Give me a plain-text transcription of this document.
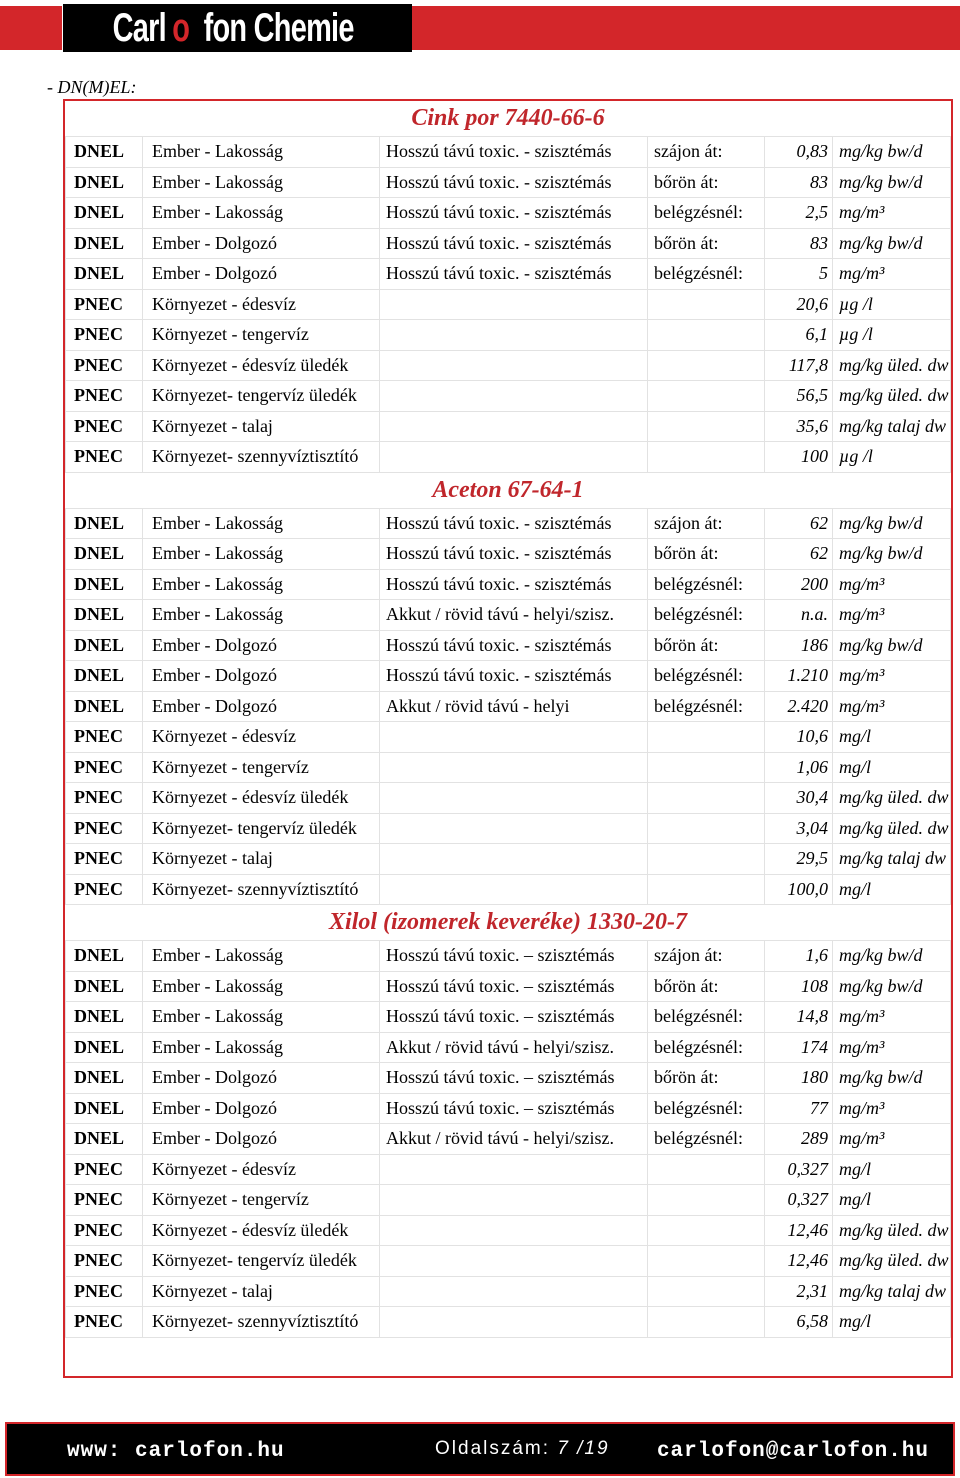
Carl o fon Chemie
- DN(M)EL:
Cink por 7440-66-6					
DNEL	Ember - Lakosság	Hosszú távú toxic. - szisztémás	szájon át:	0,83	mg/kg bw/d
DNEL	Ember - Lakosság	Hosszú távú toxic. - szisztémás	bőrön át:	83	mg/kg bw/d
DNEL	Ember - Lakosság	Hosszú távú toxic. - szisztémás	belégzésnél:	2,5	mg/m³
DNEL	Ember - Dolgozó	Hosszú távú toxic. - szisztémás	bőrön át:	83	mg/kg bw/d
DNEL	Ember - Dolgozó	Hosszú távú toxic. - szisztémás	belégzésnél:	5	mg/m³
PNEC	Környezet - édesvíz			20,6	µg /l
PNEC	Környezet - tengervíz			6,1	µg /l
PNEC	Környezet - édesvíz üledék			117,8	mg/kg üled. dw
PNEC	Környezet- tengervíz üledék			56,5	mg/kg üled. dw
PNEC	Környezet - talaj			35,6	mg/kg talaj dw
PNEC	Környezet- szennyvíztisztító			100	µg /l
Aceton 67-64-1					
DNEL	Ember - Lakosság	Hosszú távú toxic. - szisztémás	szájon át:	62	mg/kg bw/d
DNEL	Ember - Lakosság	Hosszú távú toxic. - szisztémás	bőrön át:	62	mg/kg bw/d
DNEL	Ember - Lakosság	Hosszú távú toxic. - szisztémás	belégzésnél:	200	mg/m³
DNEL	Ember - Lakosság	Akkut / rövid távú - helyi/szisz.	belégzésnél:	n.a.	mg/m³
DNEL	Ember - Dolgozó	Hosszú távú toxic. - szisztémás	bőrön át:	186	mg/kg bw/d
DNEL	Ember - Dolgozó	Hosszú távú toxic. - szisztémás	belégzésnél:	1.210	mg/m³
DNEL	Ember - Dolgozó	Akkut / rövid távú - helyi	belégzésnél:	2.420	mg/m³
PNEC	Környezet - édesvíz			10,6	mg/l
PNEC	Környezet - tengervíz			1,06	mg/l
PNEC	Környezet - édesvíz üledék			30,4	mg/kg üled. dw
PNEC	Környezet- tengervíz üledék			3,04	mg/kg üled. dw
PNEC	Környezet - talaj			29,5	mg/kg talaj dw
PNEC	Környezet- szennyvíztisztító			100,0	mg/l
Xilol (izomerek keveréke) 1330-20-7					
DNEL	Ember - Lakosság	Hosszú távú toxic. – szisztémás	szájon át:	1,6	mg/kg bw/d
DNEL	Ember - Lakosság	Hosszú távú toxic. – szisztémás	bőrön át:	108	mg/kg bw/d
DNEL	Ember - Lakosság	Hosszú távú toxic. – szisztémás	belégzésnél:	14,8	mg/m³
DNEL	Ember - Lakosság	Akkut / rövid távú - helyi/szisz.	belégzésnél:	174	mg/m³
DNEL	Ember - Dolgozó	Hosszú távú toxic. – szisztémás	bőrön át:	180	mg/kg bw/d
DNEL	Ember - Dolgozó	Hosszú távú toxic. – szisztémás	belégzésnél:	77	mg/m³
DNEL	Ember - Dolgozó	Akkut / rövid távú - helyi/szisz.	belégzésnél:	289	mg/m³
PNEC	Környezet - édesvíz			0,327	mg/l
PNEC	Környezet - tengervíz			0,327	mg/l
PNEC	Környezet - édesvíz üledék			12,46	mg/kg üled. dw
PNEC	Környezet- tengervíz üledék			12,46	mg/kg üled. dw
PNEC	Környezet - talaj			2,31	mg/kg talaj dw
PNEC	Környezet- szennyvíztisztító			6,58	mg/l
www: carlofon.hu	Oldalszám: 7 /19 carlofon@carlofon.hu
